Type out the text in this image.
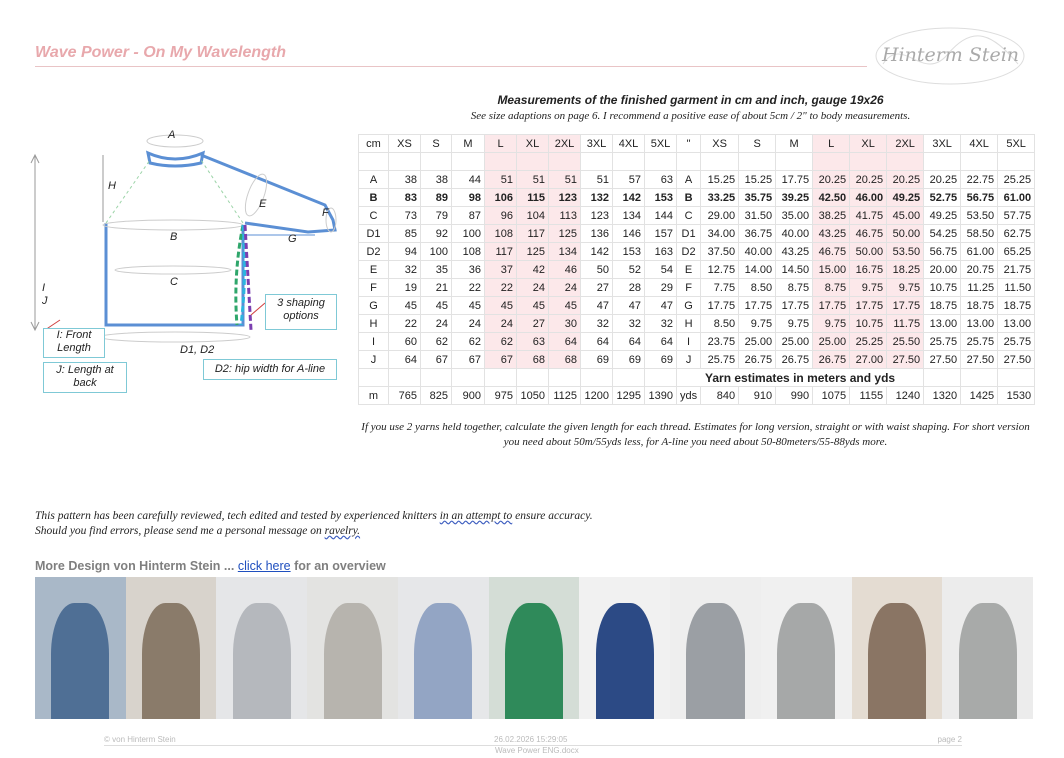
Wave Power - On My Wavelength	Hinterm Stein
A
H
E
F
B	G
C
I
J
D1, D2
3 shaping options
I: Front Length
J: Length at back
D2: hip width for A-line
Measurements of the finished garment in cm and inch, gauge 19x26
See size adaptions on page 6. I recommend a positive ease of about 5cm / 2" to body measurements.
cm	XS	S	M	L	XL	2XL	3XL	4XL	5XL	"	XS	S	M	L	XL	2XL	3XL	4XL	5XL

A	38	38	44	51	51	51	51	57	63	A	15.25	15.25	17.75	20.25	20.25	20.25	20.25	22.75	25.25
B	83	89	98	106	115	123	132	142	153	B	33.25	35.75	39.25	42.50	46.00	49.25	52.75	56.75	61.00
C	73	79	87	96	104	113	123	134	144	C	29.00	31.50	35.00	38.25	41.75	45.00	49.25	53.50	57.75
D1	85	92	100	108	117	125	136	146	157	D1	34.00	36.75	40.00	43.25	46.75	50.00	54.25	58.50	62.75
D2	94	100	108	117	125	134	142	153	163	D2	37.50	40.00	43.25	46.75	50.00	53.50	56.75	61.00	65.25
E	32	35	36	37	42	46	50	52	54	E	12.75	14.00	14.50	15.00	16.75	18.25	20.00	20.75	21.75
F	19	21	22	22	24	24	27	28	29	F	7.75	8.50	8.75	8.75	9.75	9.75	10.75	11.25	11.50
G	45	45	45	45	45	45	47	47	47	G	17.75	17.75	17.75	17.75	17.75	17.75	18.75	18.75	18.75
H	22	24	24	24	27	30	32	32	32	H	8.50	9.75	9.75	9.75	10.75	11.75	13.00	13.00	13.00
I	60	62	62	62	63	64	64	64	64	I	23.75	25.00	25.00	25.00	25.25	25.50	25.75	25.75	25.75
J	64	67	67	67	68	68	69	69	69	J	25.75	26.75	26.75	26.75	27.00	27.50	27.50	27.50	27.50
										Yarn estimates in meters and yds									
m	765	825	900	975	1050	1125	1200	1295	1390	yds	840	910	990	1075	1155	1240	1320	1425	1530
If you use 2 yarns held together, calculate the given length for each thread. Estimates for long version, straight or with waist shaping. For short version you need about 50m/55yds less, for A-line you need about 50-80meters/55-88yds more.
This pattern has been carefully reviewed, tech edited and tested by experienced knitters in an attempt to ensure accuracy.
Should you find errors, please send me a personal message on ravelry.
More Design von Hinterm Stein ... click here for an overview
© von Hinterm Stein	26.02.2026 15:29:05	page 2
Wave Power ENG.docx
